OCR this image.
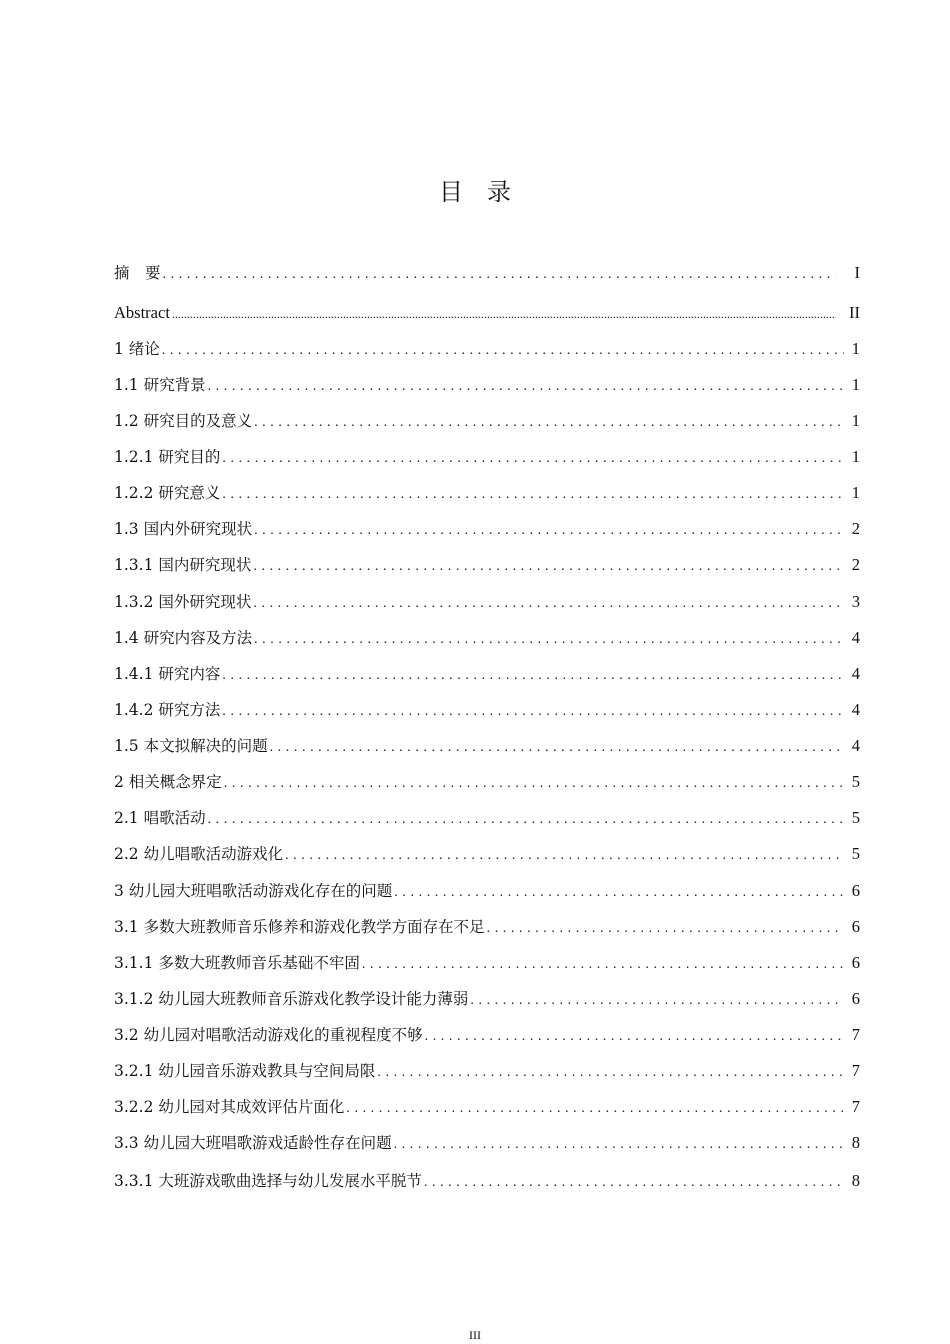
目录
摘　要 .....	I
Abstract .....	II
1 绪论 .....	1
1.1 研究背景 .....	1
1.2 研究目的及意义 .....	1
1.2.1 研究目的 .....	1
1.2.2 研究意义 .....	1
1.3 国内外研究现状 .....	2
1.3.1 国内研究现状 .....	2
1.3.2 国外研究现状 .....	3
1.4 研究内容及方法 .....	4
1.4.1 研究内容 .....	4
1.4.2 研究方法 .....	4
1.5 本文拟解决的问题 .....	4
2 相关概念界定 .....	5
2.1 唱歌活动 .....	5
2.2 幼儿唱歌活动游戏化 .....	5
3 幼儿园大班唱歌活动游戏化存在的问题 .....	6
3.1 多数大班教师音乐修养和游戏化教学方面存在不足 .....	6
3.1.1 多数大班教师音乐基础不牢固 .....	6
3.1.2 幼儿园大班教师音乐游戏化教学设计能力薄弱 .....	6
3.2 幼儿园对唱歌活动游戏化的重视程度不够 .....	7
3.2.1 幼儿园音乐游戏教具与空间局限 .....	7
3.2.2 幼儿园对其成效评估片面化 .....	7
3.3 幼儿园大班唱歌游戏适龄性存在问题 .....	8
3.3.1 大班游戏歌曲选择与幼儿发展水平脱节 .....	8
III
